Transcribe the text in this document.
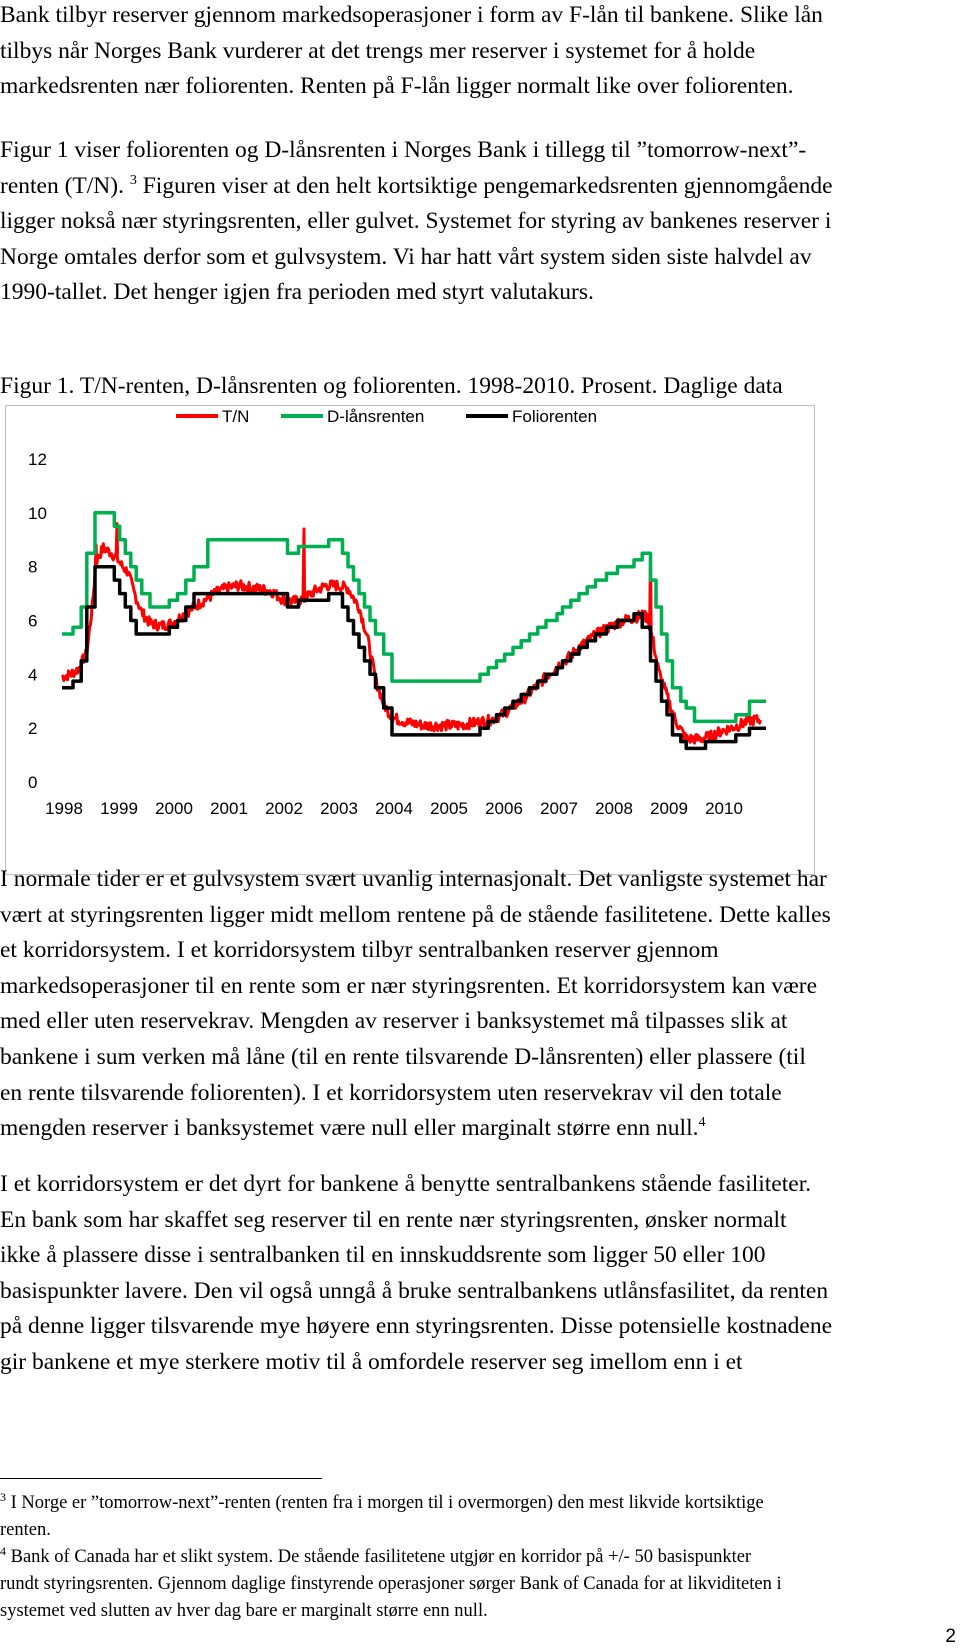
Bank tilbyr reserver gjennom markedsoperasjoner i form av F-lån til bankene. Slike lån
tilbys når Norges Bank vurderer at det trengs mer reserver i systemet for å holde
markedsrenten nær foliorenten. Renten på F-lån ligger normalt like over foliorenten.
Figur 1 viser foliorenten og D-lånsrenten i Norges Bank i tillegg til ”tomorrow-next”-
renten (T/N). $^3$ Figuren viser at den helt kortsiktige pengemarkedsrenten gjennomgående
ligger nokså nær styringsrenten, eller gulvet. Systemet for styring av bankenes reserver i
Norge omtales derfor som et gulvsystem. Vi har hatt vårt system siden siste halvdel av
1990-tallet. Det henger igjen fra perioden med styrt valutakurs.
Figur 1. T/N-renten, D-lånsrenten og foliorenten. 1998-2010. Prosent. Daglige data
0
2
4
6
8
10
12
1998 1999 2000 2001 2002 2003 2004 2005 2006 2007 2008 2009 2010
T/N	D-lånsrenten	Foliorenten
I normale tider er et gulvsystem svært uvanlig internasjonalt. Det vanligste systemet har
vært at styringsrenten ligger midt mellom rentene på de stående fasilitetene. Dette kalles
et korridorsystem. I et korridorsystem tilbyr sentralbanken reserver gjennom
markedsoperasjoner til en rente som er nær styringsrenten. Et korridorsystem kan være
med eller uten reservekrav. Mengden av reserver i banksystemet må tilpasses slik at
bankene i sum verken må låne (til en rente tilsvarende D-lånsrenten) eller plassere (til
en rente tilsvarende foliorenten). I et korridorsystem uten reservekrav vil den totale
mengden reserver i banksystemet være null eller marginalt større enn null.$^4$
I et korridorsystem er det dyrt for bankene å benytte sentralbankens stående fasiliteter.
En bank som har skaffet seg reserver til en rente nær styringsrenten, ønsker normalt
ikke å plassere disse i sentralbanken til en innskuddsrente som ligger 50 eller 100
basispunkter lavere. Den vil også unngå å bruke sentralbankens utlånsfasilitet, da renten
på denne ligger tilsvarende mye høyere enn styringsrenten. Disse potensielle kostnadene
gir bankene et mye sterkere motiv til å omfordele reserver seg imellom enn i et
$^3$ I Norge er ”tomorrow-next”-renten (renten fra i morgen til i overmorgen) den mest likvide kortsiktige
renten.
$^4$ Bank of Canada har et slikt system. De stående fasilitetene utgjør en korridor på +/- 50 basispunkter
rundt styringsrenten. Gjennom daglige finstyrende operasjoner sørger Bank of Canada for at likviditeten i
systemet ved slutten av hver dag bare er marginalt større enn null.
2
